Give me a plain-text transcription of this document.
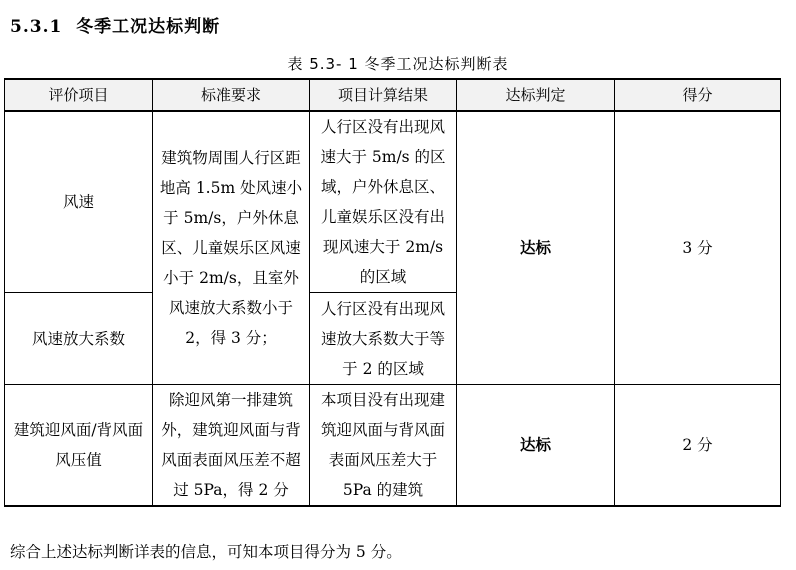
5.3.1 冬季工况达标判断

表 5.3- 1 冬季工况达标判断表

评价项目	标准要求	项目计算结果	达标判定	得分
风速	建筑物周围人行区距地高 1.5m 处风速小于 5m/s，户外休息区、儿童娱乐区风速小于 2m/s，且室外风速放大系数小于 2，得 3 分；	人行区没有出现风速大于 5m/s 的区域，户外休息区、儿童娱乐区没有出现风速大于 2m/s 的区域	达标	3 分
风速放大系数		人行区没有出现风速放大系数大于等于 2 的区域		
建筑迎风面/背风面风压值	除迎风第一排建筑外，建筑迎风面与背风面表面风压差不超过 5Pa，得 2 分	本项目没有出现建筑迎风面与背风面表面风压差大于 5Pa 的建筑	达标	2 分

综合上述达标判断详表的信息，可知本项目得分为 5 分。
